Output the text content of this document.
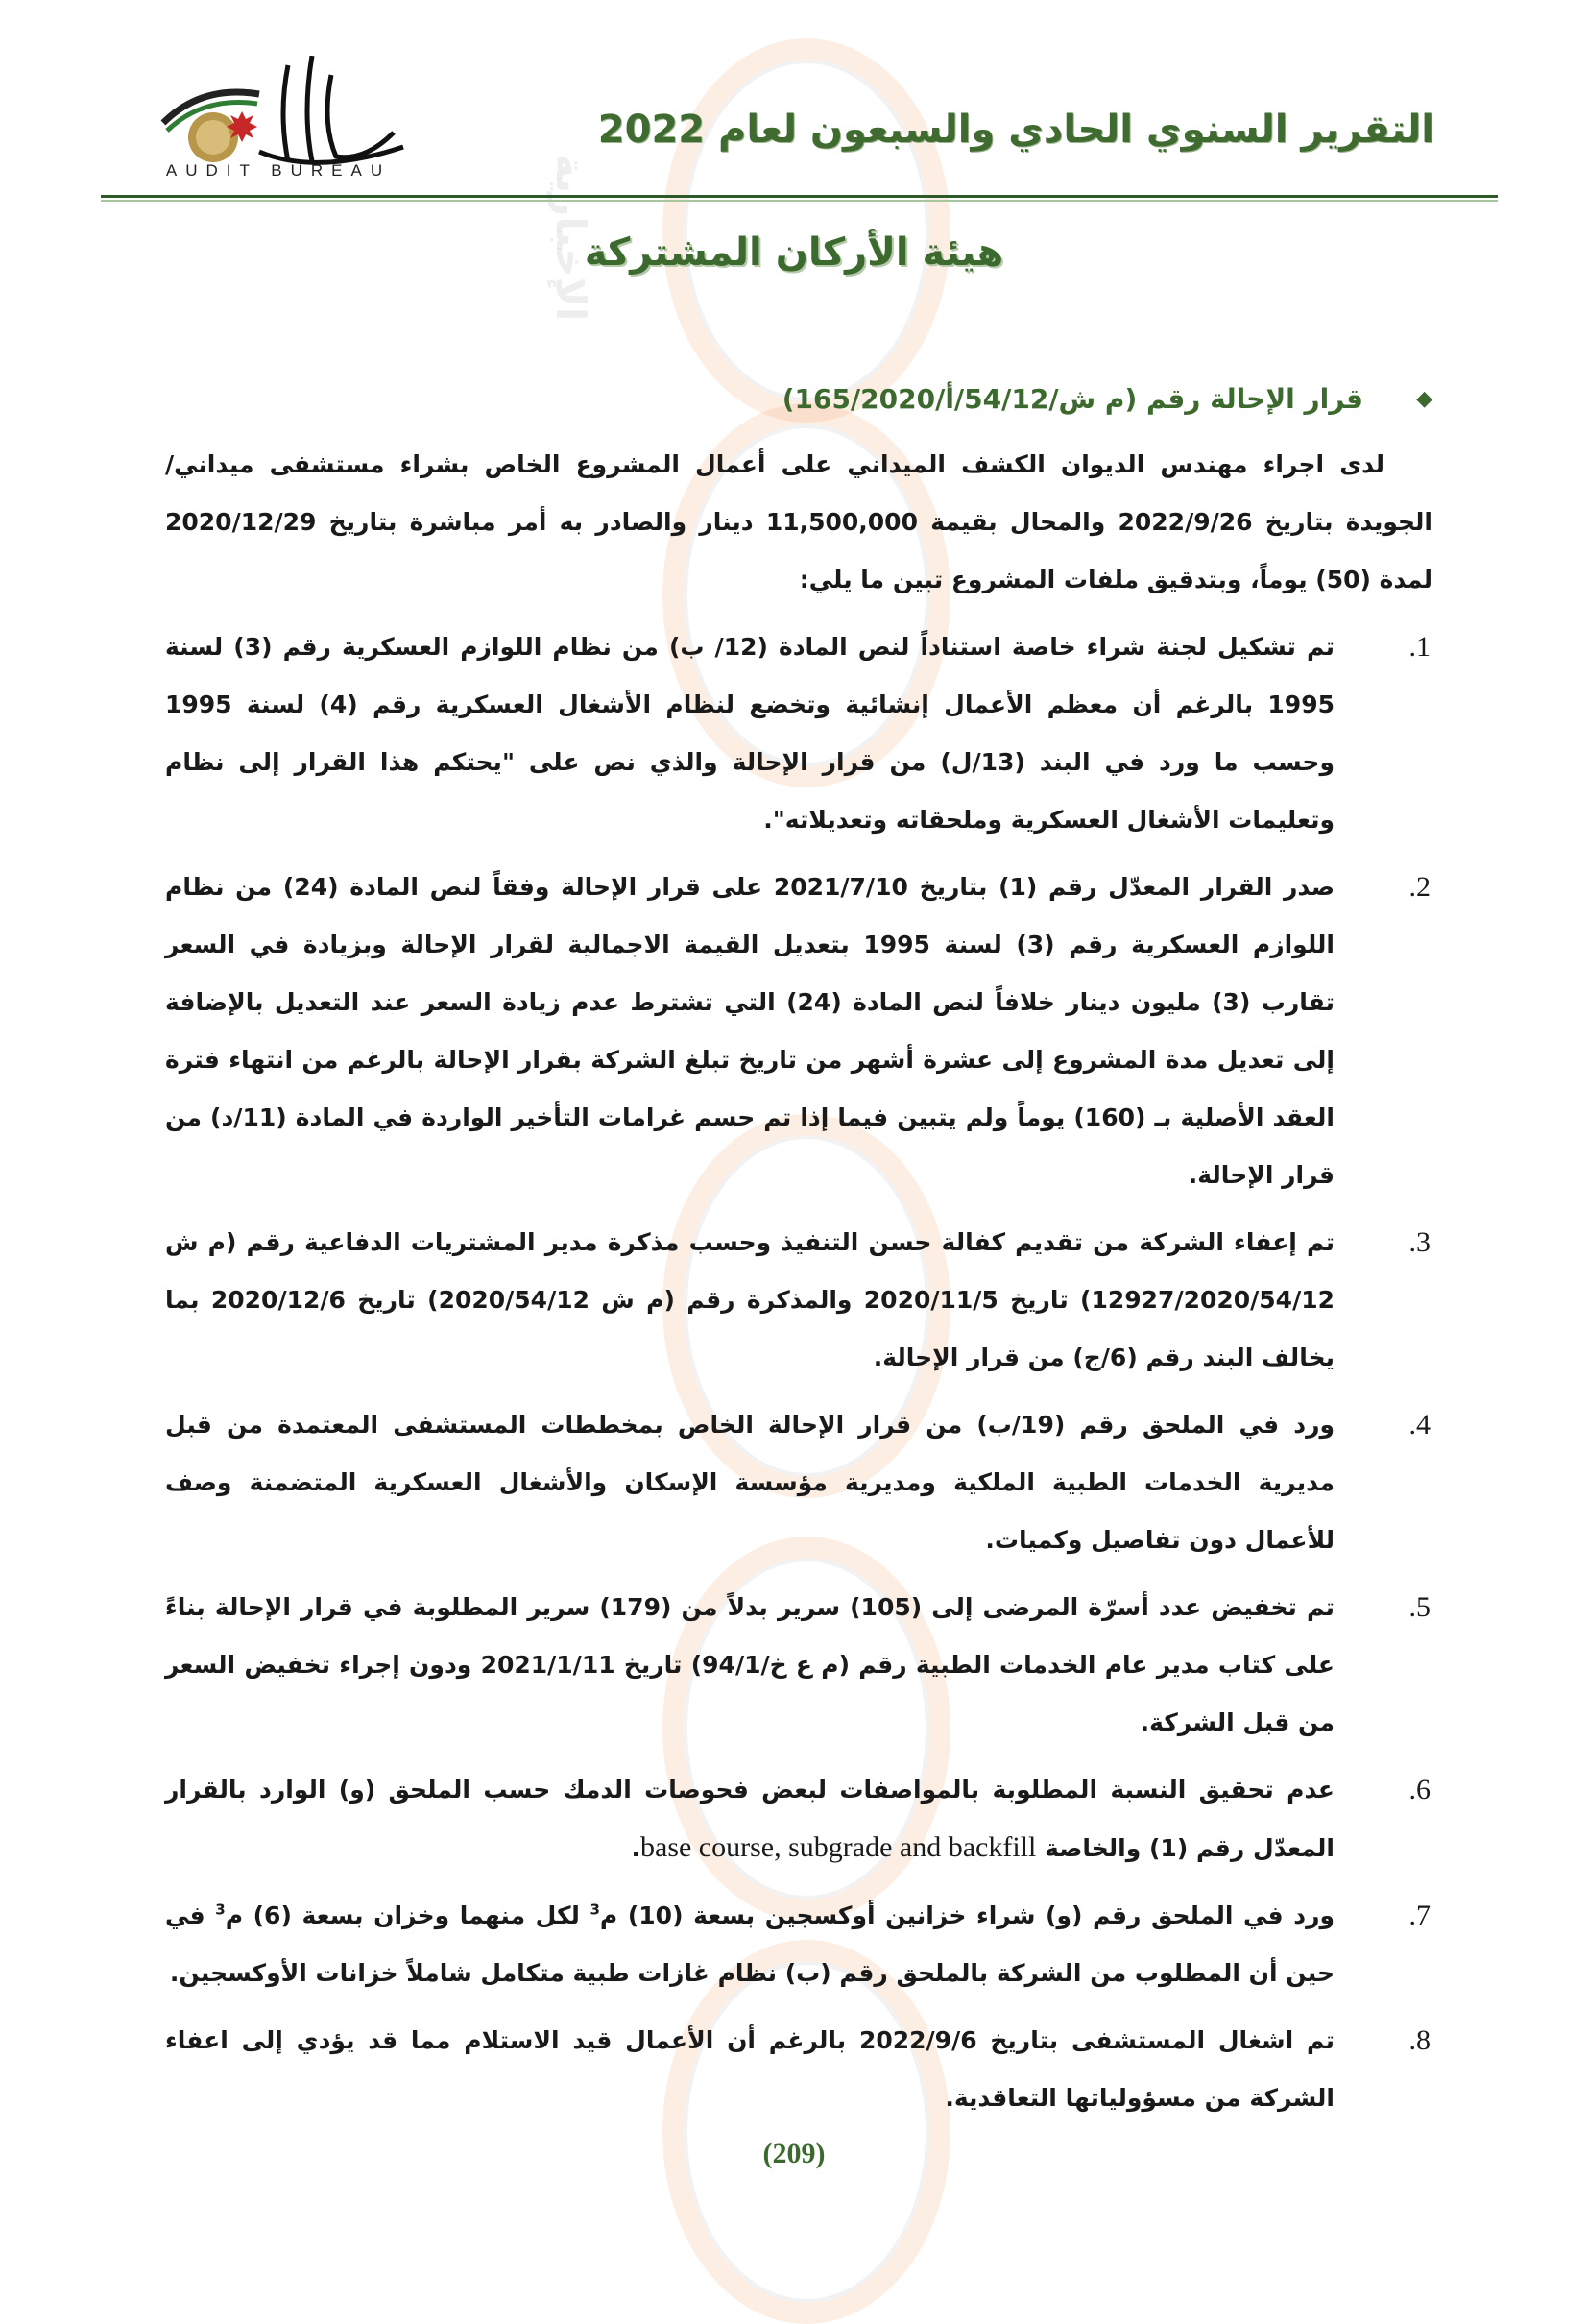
الإخبارية
AUDIT BUREAU
التقرير السنوي الحادي والسبعون لعام 2022
هيئة الأركان المشتركة
◆
قرار الإحالة رقم (م ش/54/12/أ/165/2020)

لدى اجراء مهندس الديوان الكشف الميداني على أعمال المشروع الخاص بشراء مستشفى ميداني/ الجويدة بتاريخ 2022/9/26 والمحال بقيمة 11,500,000 دينار والصادر به أمر مباشرة بتاريخ 2020/12/29 لمدة (50) يوماً، وبتدقيق ملفات المشروع تبين ما يلي:

1.
تم تشكيل لجنة شراء خاصة استناداً لنص المادة (12/ ب) من نظام اللوازم العسكرية رقم (3) لسنة 1995 بالرغم أن معظم الأعمال إنشائية وتخضع لنظام الأشغال العسكرية رقم (4) لسنة 1995 وحسب ما ورد في البند (13/ل) من قرار الإحالة والذي نص على "يحتكم هذا القرار إلى نظام وتعليمات الأشغال العسكرية وملحقاته وتعديلاته".
2.
صدر القرار المعدّل رقم (1) بتاريخ 2021/7/10 على قرار الإحالة وفقاً لنص المادة (24) من نظام اللوازم العسكرية رقم (3) لسنة 1995 بتعديل القيمة الاجمالية لقرار الإحالة وبزيادة في السعر تقارب (3) مليون دينار خلافاً لنص المادة (24) التي تشترط عدم زيادة السعر عند التعديل بالإضافة إلى تعديل مدة المشروع إلى عشرة أشهر من تاريخ تبلغ الشركة بقرار الإحالة بالرغم من انتهاء فترة العقد الأصلية بـ (160) يوماً ولم يتبين فيما إذا تم حسم غرامات التأخير الواردة في المادة (11/د) من قرار الإحالة.
3.
تم إعفاء الشركة من تقديم كفالة حسن التنفيذ وحسب مذكرة مدير المشتريات الدفاعية رقم (م ش 12927/2020/54/12) تاريخ 2020/11/5 والمذكرة رقم (م ش 2020/54/12) تاريخ 2020/12/6 بما يخالف البند رقم (6/ج) من قرار الإحالة.
4.
ورد في الملحق رقم (19/ب) من قرار الإحالة الخاص بمخططات المستشفى المعتمدة من قبل مديرية الخدمات الطبية الملكية ومديرية مؤسسة الإسكان والأشغال العسكرية المتضمنة وصف للأعمال دون تفاصيل وكميات.
5.
تم تخفيض عدد أسرّة المرضى إلى (105) سرير بدلاً من (179) سرير المطلوبة في قرار الإحالة بناءً على كتاب مدير عام الخدمات الطبية رقم (م ع خ/94/1) تاريخ 2021/1/11 ودون إجراء تخفيض السعر من قبل الشركة.
6.
عدم تحقيق النسبة المطلوبة بالمواصفات لبعض فحوصات الدمك حسب الملحق (و) الوارد بالقرار المعدّل رقم (1) والخاصة base course, subgrade and backfill.
7.
ورد في الملحق رقم (و) شراء خزانين أوكسجين بسعة (10) م$^3$ لكل منهما وخزان بسعة (6) م$^3$ في حين أن المطلوب من الشركة بالملحق رقم (ب) نظام غازات طبية متكامل شاملاً خزانات الأوكسجين.
8.
تم اشغال المستشفى بتاريخ 2022/9/6 بالرغم أن الأعمال قيد الاستلام مما قد يؤدي إلى اعفاء الشركة من مسؤولياتها التعاقدية.
(209)
